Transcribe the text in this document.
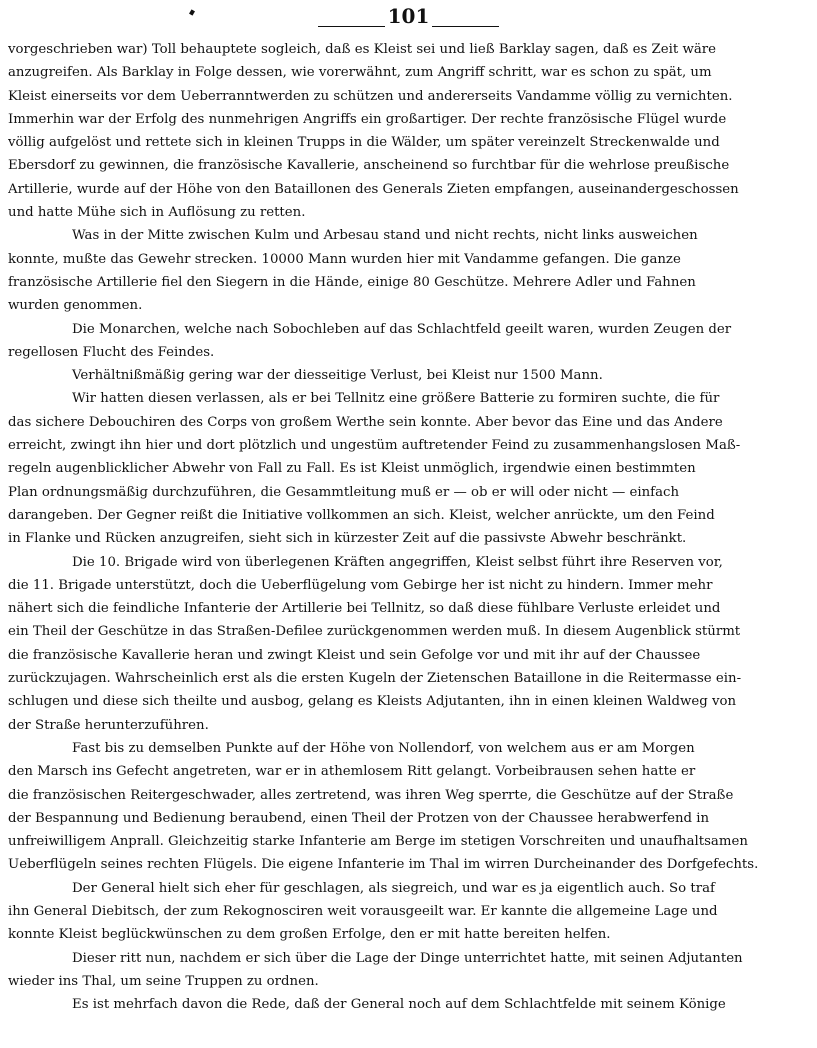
101
vorgeschrieben war) Toll behauptete sogleich, daß es Kleist sei und ließ Barklay sagen, daß es Zeit wäre
anzugreifen. Als Barklay in Folge dessen, wie vorerwähnt, zum Angriff schritt, war es schon zu spät, um
Kleist einerseits vor dem Ueberranntwerden zu schützen und andererseits Vandamme völlig zu vernichten.
Immerhin war der Erfolg des nunmehrigen Angriffs ein großartiger. Der rechte französische Flügel wurde
völlig aufgelöst und rettete sich in kleinen Trupps in die Wälder, um später vereinzelt Streckenwalde und
Ebersdorf zu gewinnen, die französische Kavallerie, anscheinend so furchtbar für die wehrlose preußische
Artillerie, wurde auf der Höhe von den Bataillonen des Generals Zieten empfangen, auseinandergeschossen
und hatte Mühe sich in Auflösung zu retten.
Was in der Mitte zwischen Kulm und Arbesau stand und nicht rechts, nicht links ausweichen
konnte, mußte das Gewehr strecken. 10000 Mann wurden hier mit Vandamme gefangen. Die ganze
französische Artillerie fiel den Siegern in die Hände, einige 80 Geschütze. Mehrere Adler und Fahnen
wurden genommen.
Die Monarchen, welche nach Sobochleben auf das Schlachtfeld geeilt waren, wurden Zeugen der
regellosen Flucht des Feindes.
Verhältnißmäßig gering war der diesseitige Verlust, bei Kleist nur 1500 Mann.
Wir hatten diesen verlassen, als er bei Tellnitz eine größere Batterie zu formiren suchte, die für
das sichere Debouchiren des Corps von großem Werthe sein konnte. Aber bevor das Eine und das Andere
erreicht, zwingt ihn hier und dort plötzlich und ungestüm auftretender Feind zu zusammenhangslosen Maß-
regeln augenblicklicher Abwehr von Fall zu Fall. Es ist Kleist unmöglich, irgendwie einen bestimmten
Plan ordnungsmäßig durchzuführen, die Gesammtleitung muß er — ob er will oder nicht — einfach
darangeben. Der Gegner reißt die Initiative vollkommen an sich. Kleist, welcher anrückte, um den Feind
in Flanke und Rücken anzugreifen, sieht sich in kürzester Zeit auf die passivste Abwehr beschränkt.
Die 10. Brigade wird von überlegenen Kräften angegriffen, Kleist selbst führt ihre Reserven vor,
die 11. Brigade unterstützt, doch die Ueberflügelung vom Gebirge her ist nicht zu hindern. Immer mehr
nähert sich die feindliche Infanterie der Artillerie bei Tellnitz, so daß diese fühlbare Verluste erleidet und
ein Theil der Geschütze in das Straßen-Defilee zurückgenommen werden muß. In diesem Augenblick stürmt
die französische Kavallerie heran und zwingt Kleist und sein Gefolge vor und mit ihr auf der Chaussee
zurückzujagen. Wahrscheinlich erst als die ersten Kugeln der Zietenschen Bataillone in die Reitermasse ein-
schlugen und diese sich theilte und ausbog, gelang es Kleists Adjutanten, ihn in einen kleinen Waldweg von
der Straße herunterzuführen.
Fast bis zu demselben Punkte auf der Höhe von Nollendorf, von welchem aus er am Morgen
den Marsch ins Gefecht angetreten, war er in athemlosem Ritt gelangt. Vorbeibrausen sehen hatte er
die französischen Reitergeschwader, alles zertretend, was ihren Weg sperrte, die Geschütze auf der Straße
der Bespannung und Bedienung beraubend, einen Theil der Protzen von der Chaussee herabwerfend in
unfreiwilligem Anprall. Gleichzeitig starke Infanterie am Berge im stetigen Vorschreiten und unaufhaltsamen
Ueberflügeln seines rechten Flügels. Die eigene Infanterie im Thal im wirren Durcheinander des Dorfgefechts.
Der General hielt sich eher für geschlagen, als siegreich, und war es ja eigentlich auch. So traf
ihn General Diebitsch, der zum Rekognosciren weit vorausgeeilt war. Er kannte die allgemeine Lage und
konnte Kleist beglückwünschen zu dem großen Erfolge, den er mit hatte bereiten helfen.
Dieser ritt nun, nachdem er sich über die Lage der Dinge unterrichtet hatte, mit seinen Adjutanten
wieder ins Thal, um seine Truppen zu ordnen.
Es ist mehrfach davon die Rede, daß der General noch auf dem Schlachtfelde mit seinem Könige
